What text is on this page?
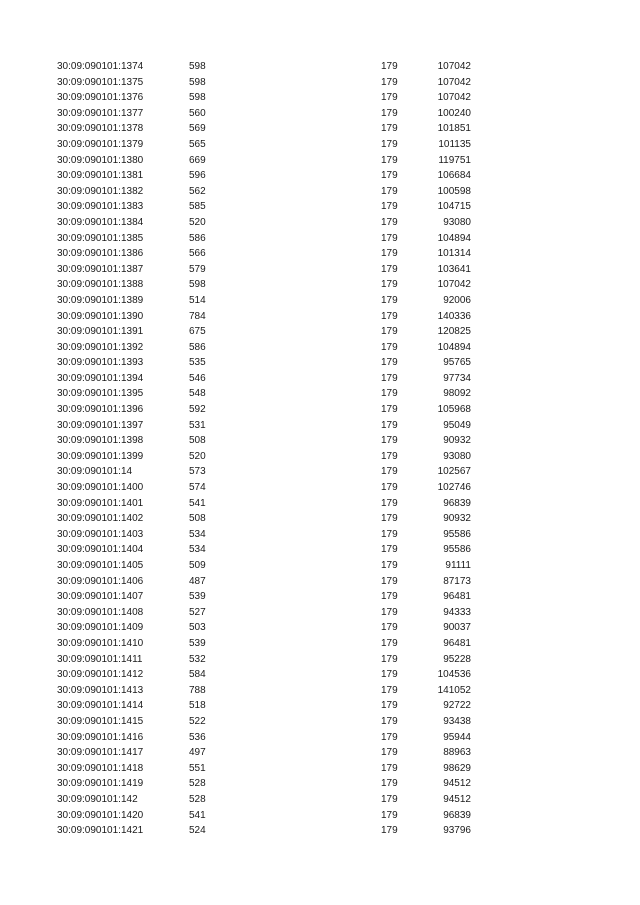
30:09:090101:1374	598		179	107042
30:09:090101:1375	598		179	107042
30:09:090101:1376	598		179	107042
30:09:090101:1377	560		179	100240
30:09:090101:1378	569		179	101851
30:09:090101:1379	565		179	101135
30:09:090101:1380	669		179	119751
30:09:090101:1381	596		179	106684
30:09:090101:1382	562		179	100598
30:09:090101:1383	585		179	104715
30:09:090101:1384	520		179	93080
30:09:090101:1385	586		179	104894
30:09:090101:1386	566		179	101314
30:09:090101:1387	579		179	103641
30:09:090101:1388	598		179	107042
30:09:090101:1389	514		179	92006
30:09:090101:1390	784		179	140336
30:09:090101:1391	675		179	120825
30:09:090101:1392	586		179	104894
30:09:090101:1393	535		179	95765
30:09:090101:1394	546		179	97734
30:09:090101:1395	548		179	98092
30:09:090101:1396	592		179	105968
30:09:090101:1397	531		179	95049
30:09:090101:1398	508		179	90932
30:09:090101:1399	520		179	93080
30:09:090101:14	573		179	102567
30:09:090101:1400	574		179	102746
30:09:090101:1401	541		179	96839
30:09:090101:1402	508		179	90932
30:09:090101:1403	534		179	95586
30:09:090101:1404	534		179	95586
30:09:090101:1405	509		179	91111
30:09:090101:1406	487		179	87173
30:09:090101:1407	539		179	96481
30:09:090101:1408	527		179	94333
30:09:090101:1409	503		179	90037
30:09:090101:1410	539		179	96481
30:09:090101:1411	532		179	95228
30:09:090101:1412	584		179	104536
30:09:090101:1413	788		179	141052
30:09:090101:1414	518		179	92722
30:09:090101:1415	522		179	93438
30:09:090101:1416	536		179	95944
30:09:090101:1417	497		179	88963
30:09:090101:1418	551		179	98629
30:09:090101:1419	528		179	94512
30:09:090101:142	528		179	94512
30:09:090101:1420	541		179	96839
30:09:090101:1421	524		179	93796
